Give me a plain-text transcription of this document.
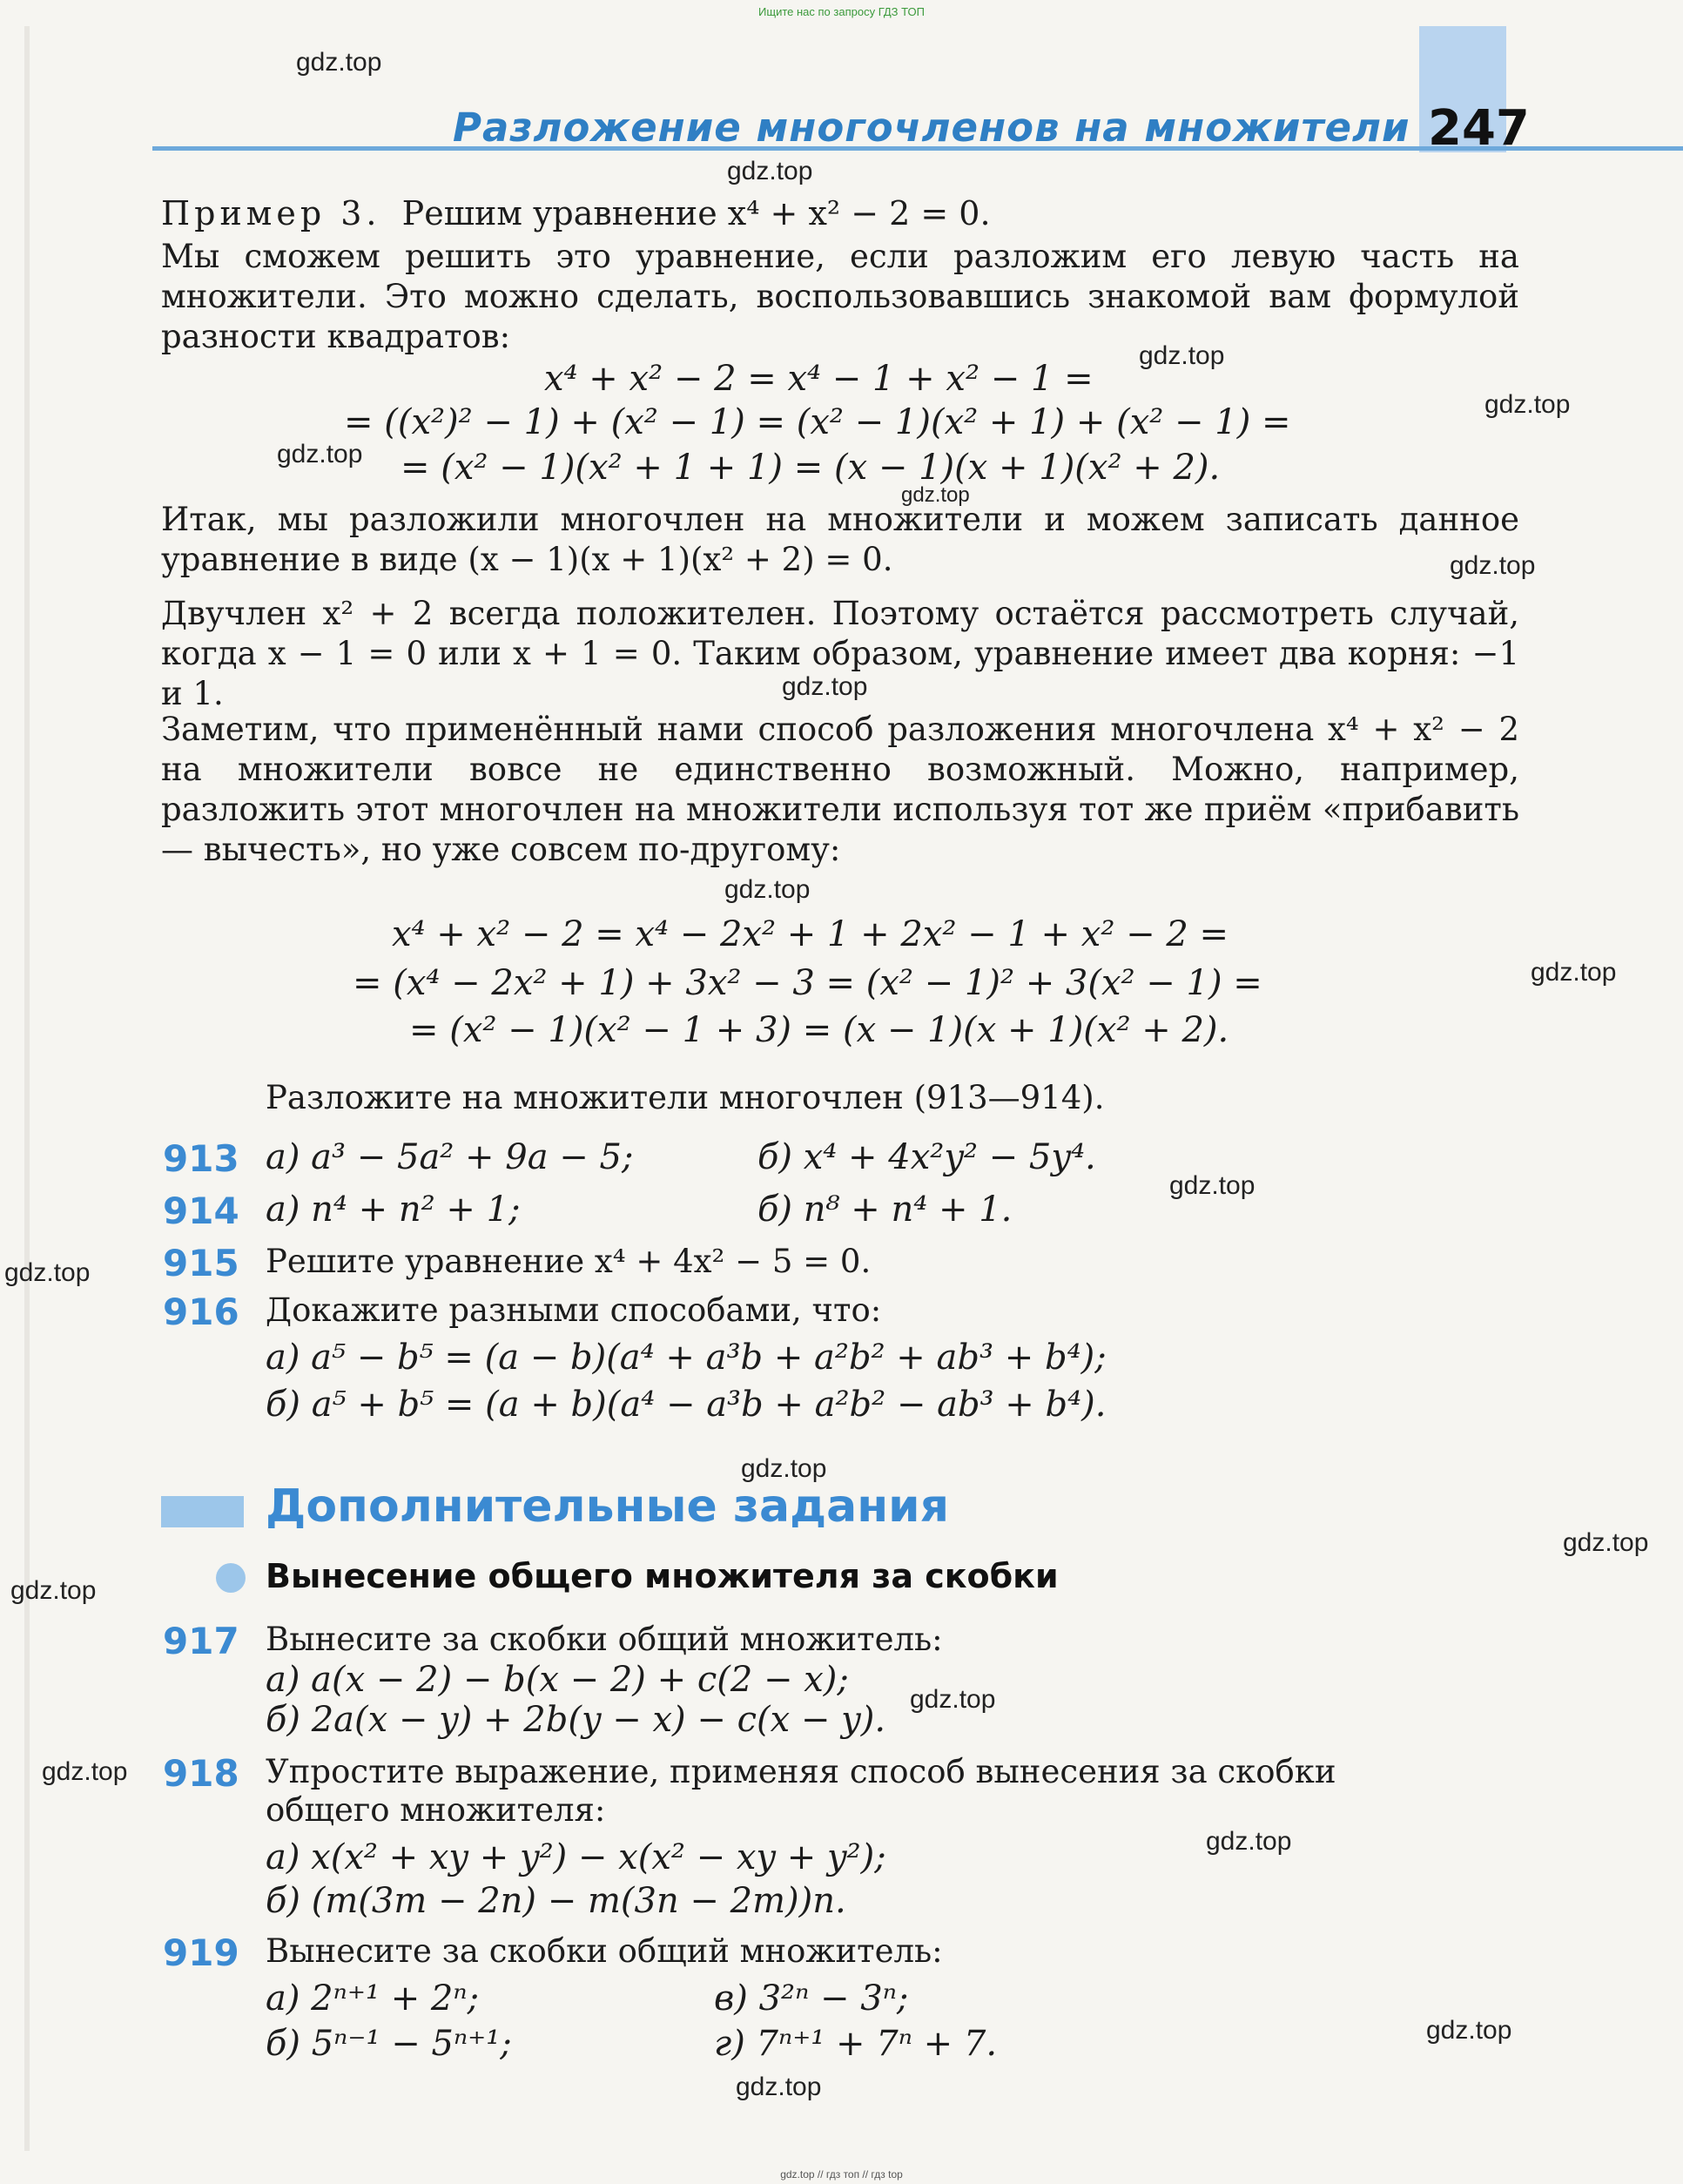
Ищите нас по запросу ГДЗ ТОП
Разложение многочленов на множители 247
gdz.top
gdz.top
gdz.top
gdz.top
gdz.top
gdz.top
gdz.top
gdz.top
gdz.top
gdz.top
gdz.top
gdz.top
gdz.top
gdz.top
gdz.top
gdz.top
gdz.top
gdz.top
gdz.top
gdz.top
Пример 3. Решим уравнение x⁴ + x² − 2 = 0.
Мы сможем решить это уравнение, если разложим его левую часть на множители. Это можно сделать, воспользовавшись знакомой вам формулой разности квадратов:
x⁴ + x² − 2 = x⁴ − 1 + x² − 1 =
= ((x²)² − 1) + (x² − 1) = (x² − 1)(x² + 1) + (x² − 1) =
= (x² − 1)(x² + 1 + 1) = (x − 1)(x + 1)(x² + 2).
Итак, мы разложили многочлен на множители и можем записать данное уравнение в виде (x − 1)(x + 1)(x² + 2) = 0.
Двучлен x² + 2 всегда положителен. Поэтому остаётся рассмотреть случай, когда x − 1 = 0 или x + 1 = 0. Таким образом, уравнение имеет два корня: −1 и 1.
Заметим, что применённый нами способ разложения многочлена x⁴ + x² − 2 на множители вовсе не единственно возможный. Можно, например, разложить этот многочлен на множители используя тот же приём «прибавить — вычесть», но уже совсем по-другому:
x⁴ + x² − 2 = x⁴ − 2x² + 1 + 2x² − 1 + x² − 2 =
= (x⁴ − 2x² + 1) + 3x² − 3 = (x² − 1)² + 3(x² − 1) =
= (x² − 1)(x² − 1 + 3) = (x − 1)(x + 1)(x² + 2).
Разложите на множители многочлен (913—914).
913 а) a³ − 5a² + 9a − 5;	б) x⁴ + 4x²y² − 5y⁴.
914 а) n⁴ + n² + 1;	б) n⁸ + n⁴ + 1.
915 Решите уравнение x⁴ + 4x² − 5 = 0.
916 Докажите разными способами, что:
а) a⁵ − b⁵ = (a − b)(a⁴ + a³b + a²b² + ab³ + b⁴);
б) a⁵ + b⁵ = (a + b)(a⁴ − a³b + a²b² − ab³ + b⁴).
Дополнительные задания
Вынесение общего множителя за скобки
917 Вынесите за скобки общий множитель:
а) a(x − 2) − b(x − 2) + c(2 − x);
б) 2a(x − y) + 2b(y − x) − c(x − y).
918 Упростите выражение, применяя способ вынесения за скобки
общего множителя:
а) x(x² + xy + y²) − x(x² − xy + y²);
б) (m(3m − 2n) − m(3n − 2m))n.
919 Вынесите за скобки общий множитель:
а) 2ⁿ⁺¹ + 2ⁿ;	в) 3²ⁿ − 3ⁿ;
б) 5ⁿ⁻¹ − 5ⁿ⁺¹;	г) 7ⁿ⁺¹ + 7ⁿ + 7.
gdz.top // гдз топ // гдз top
